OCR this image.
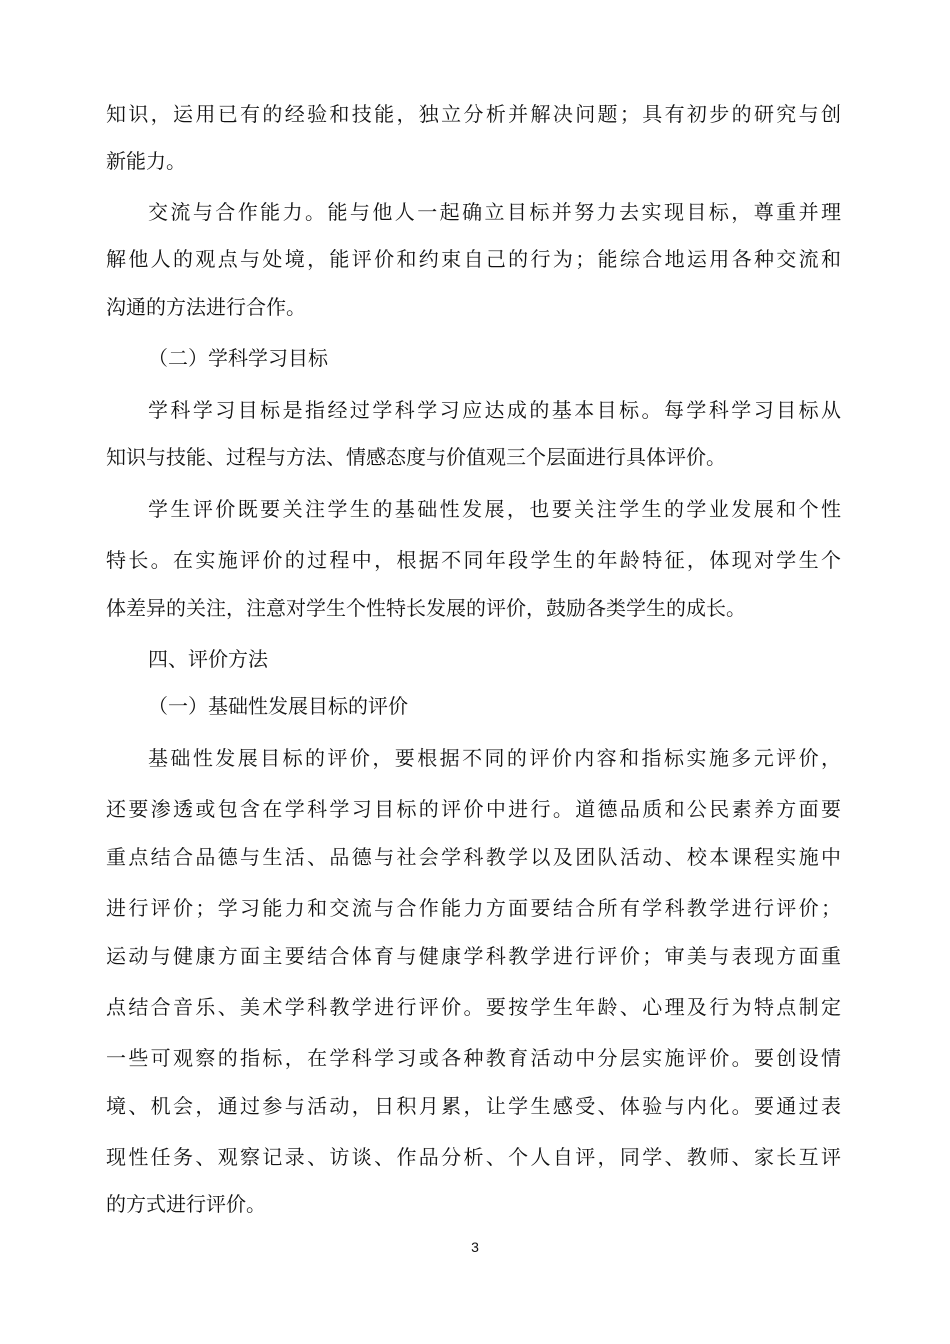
知识，运用已有的经验和技能，独立分析并解决问题；具有初步的研究与创
新能力。
交流与合作能力。能与他人一起确立目标并努力去实现目标，尊重并理
解他人的观点与处境，能评价和约束自己的行为；能综合地运用各种交流和
沟通的方法进行合作。
（二）学科学习目标
学科学习目标是指经过学科学习应达成的基本目标。每学科学习目标从
知识与技能、过程与方法、情感态度与价值观三个层面进行具体评价。
学生评价既要关注学生的基础性发展，也要关注学生的学业发展和个性
特长。在实施评价的过程中，根据不同年段学生的年龄特征，体现对学生个
体差异的关注，注意对学生个性特长发展的评价，鼓励各类学生的成长。
四、评价方法
（一）基础性发展目标的评价
基础性发展目标的评价，要根据不同的评价内容和指标实施多元评价，
还要渗透或包含在学科学习目标的评价中进行。道德品质和公民素养方面要
重点结合品德与生活、品德与社会学科教学以及团队活动、校本课程实施中
进行评价；学习能力和交流与合作能力方面要结合所有学科教学进行评价；
运动与健康方面主要结合体育与健康学科教学进行评价；审美与表现方面重
点结合音乐、美术学科教学进行评价。要按学生年龄、心理及行为特点制定
一些可观察的指标，在学科学习或各种教育活动中分层实施评价。要创设情
境、机会，通过参与活动，日积月累，让学生感受、体验与内化。要通过表
现性任务、观察记录、访谈、作品分析、个人自评，同学、教师、家长互评
的方式进行评价。
3
